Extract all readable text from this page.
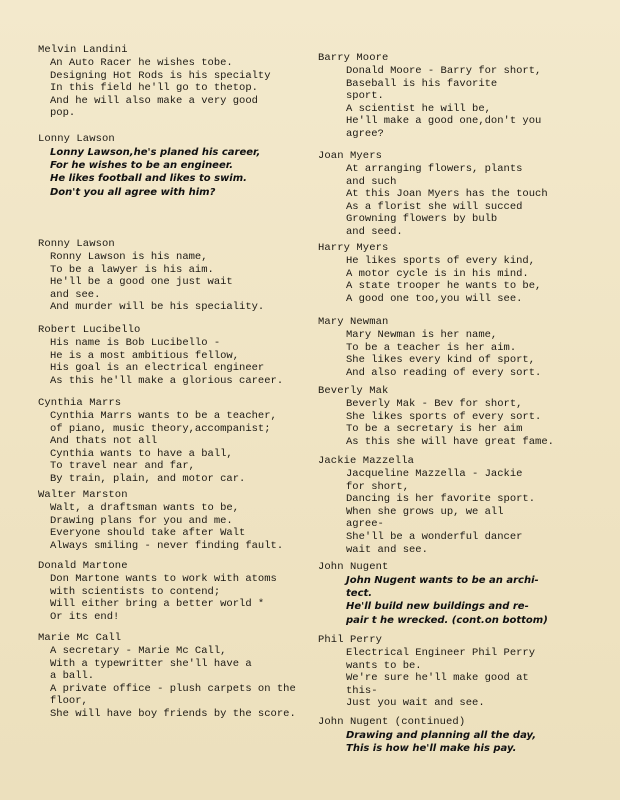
Melvin Landini
An Auto Racer he wishes tobe.
Designing Hot Rods is his specialty
In this field he'll go to thetop.
And he will also make a very good
pop.
Lonny Lawson
Lonny Lawson,he's planed his career,
For he wishes to be an engineer.
He likes football and likes to swim.
Don't you all agree with him?
Ronny Lawson
Ronny Lawson is his name,
To be a lawyer is his aim.
He'll be a good one just wait
and see.
And murder will be his speciality.
Robert Lucibello
His name is Bob Lucibello -
He is a most ambitious fellow,
His goal is an electrical engineer
As this he'll make a glorious career.
Cynthia Marrs
Cynthia Marrs wants to be a teacher,
of piano, music theory,accompanist;
And thats not all
Cynthia wants to have a ball,
To travel near and far,
By train, plain, and motor car.
Walter Marston
Walt, a draftsman wants to be,
Drawing plans for you and me.
Everyone should take after Walt
Always smiling - never finding fault.
Donald Martone
Don Martone wants to work with atoms
with scientists to contend;
Will either bring a better world *
Or its end!
Marie Mc Call
A secretary - Marie Mc Call,
With a typewritter she'll have a
a ball.
A private office - plush carpets on the
floor,
She will have boy friends by the score.
Barry Moore
Donald Moore - Barry for short,
Baseball is his favorite
sport.
A scientist he will be,
He'll make a good one,don't you
agree?
Joan Myers
At arranging flowers, plants
and such
At this Joan Myers has the touch
As a florist she will succed
Growning flowers by bulb
and seed.
Harry Myers
He likes sports of every kind,
A motor cycle is in his mind.
A state trooper he wants to be,
A good one too,you will see.
Mary Newman
Mary Newman is her name,
To be a teacher is her aim.
She likes every kind of sport,
And also reading of every sort.
Beverly Mak
Beverly Mak - Bev for short,
She likes sports of every sort.
To be a secretary is her aim
As this she will have great fame.
Jackie Mazzella
Jacqueline Mazzella - Jackie
for short,
Dancing is her favorite sport.
When she grows up, we all
agree-
She'll be a wonderful dancer
wait and see.
John Nugent
John Nugent wants to be an archi-
tect.
He'll build new buildings and re-
pair t he wrecked. (cont.on bottom)
Phil Perry
Electrical Engineer Phil Perry
wants to be.
We're sure he'll make good at
this-
Just you wait and see.
John Nugent (continued)
Drawing and planning all the day,
This is how he'll make his pay.
